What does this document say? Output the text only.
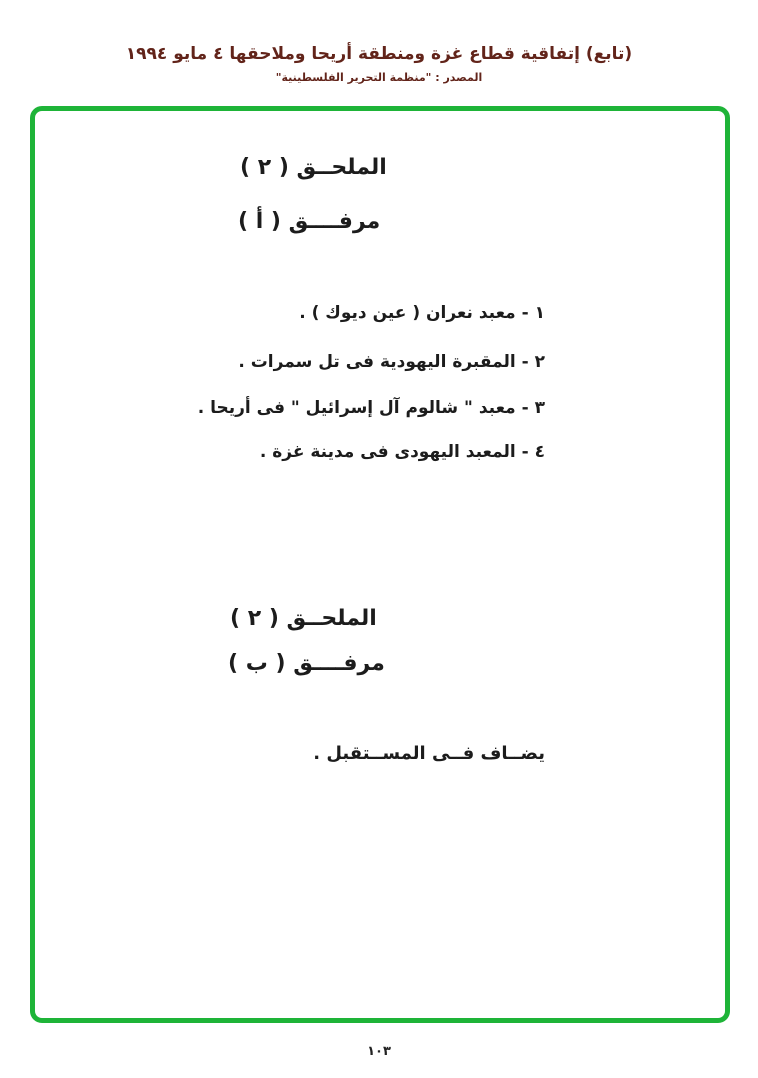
(تابع) إتفاقية قطاع غزة ومنطقة أريحا وملاحقها ٤ مايو ١٩٩٤
المصدر : "منظمة التحرير الفلسطينية"
الملحــق ( ٢ )
مرفــــق ( أ )
١ - معبد نعران ( عين ديوك ) .
٢ - المقبرة اليهودية فى تل سمرات .
٣ - معبد " شالوم آل إسرائيل " فى أريحا .
٤ - المعبد اليهودى فى مدينة غزة .
الملحــق ( ٢ )
مرفــــق ( ب )
يضــاف فــى المســتقبل .
١٠٣
